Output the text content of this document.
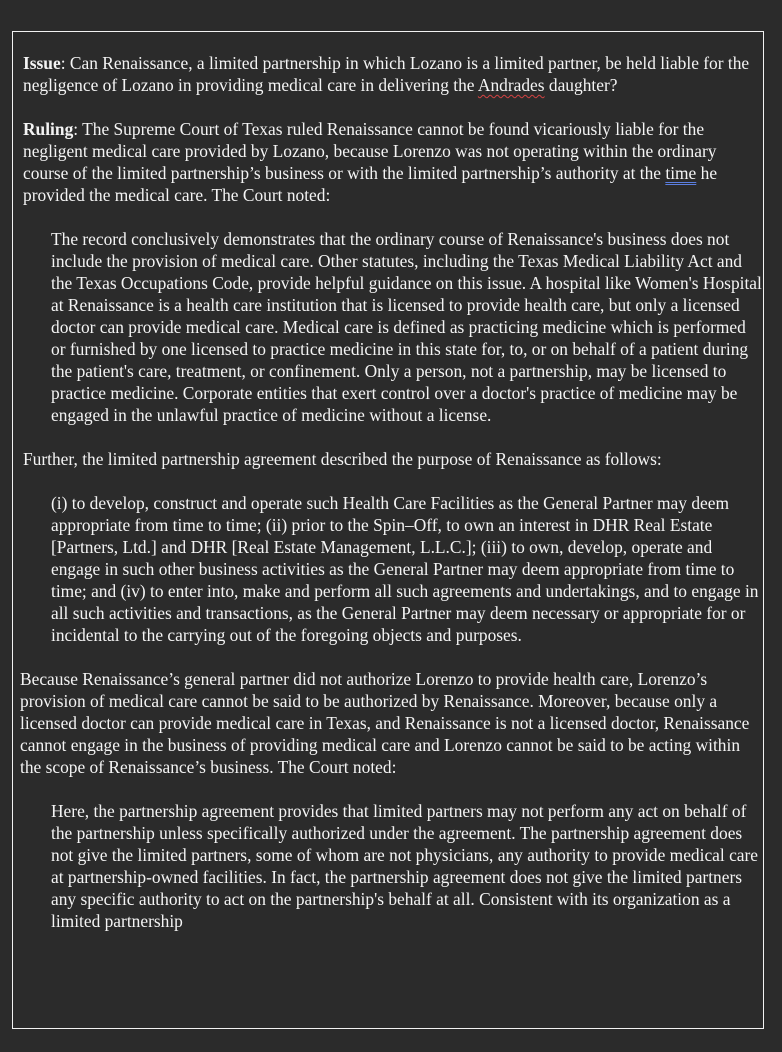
Issue: Can Renaissance, a limited partnership in which Lozano is a limited partner, be held liable for the negligence of Lozano in providing medical care in delivering the Andrades daughter?

Ruling: The Supreme Court of Texas ruled Renaissance cannot be found vicariously liable for the negligent medical care provided by Lozano, because Lorenzo was not operating within the ordinary course of the limited partnership’s business or with the limited partnership’s authority at the time he provided the medical care. The Court noted:

The record conclusively demonstrates that the ordinary course of Renaissance's business does not include the provision of medical care. Other statutes, including the Texas Medical Liability Act and the Texas Occupations Code, provide helpful guidance on this issue. A hospital like Women's Hospital at Renaissance is a health care institution that is licensed to provide health care, but only a licensed doctor can provide medical care. Medical care is defined as practicing medicine which is performed or furnished by one licensed to practice medicine in this state for, to, or on behalf of a patient during the patient's care, treatment, or confinement. Only a person, not a partnership, may be licensed to practice medicine. Corporate entities that exert control over a doctor's practice of medicine may be engaged in the unlawful practice of medicine without a license.

Further, the limited partnership agreement described the purpose of Renaissance as follows:

(i) to develop, construct and operate such Health Care Facilities as the General Partner may deem appropriate from time to time; (ii) prior to the Spin–Off, to own an interest in DHR Real Estate [Partners, Ltd.] and DHR [Real Estate Management, L.L.C.]; (iii) to own, develop, operate and engage in such other business activities as the General Partner may deem appropriate from time to time; and (iv) to enter into, make and perform all such agreements and undertakings, and to engage in all such activities and transactions, as the General Partner may deem necessary or appropriate for or incidental to the carrying out of the foregoing objects and purposes.

Because Renaissance’s general partner did not authorize Lorenzo to provide health care, Lorenzo’s provision of medical care cannot be said to be authorized by Renaissance. Moreover, because only a licensed doctor can provide medical care in Texas, and Renaissance is not a licensed doctor, Renaissance cannot engage in the business of providing medical care and Lorenzo cannot be said to be acting within the scope of Renaissance’s business. The Court noted:

Here, the partnership agreement provides that limited partners may not perform any act on behalf of the partnership unless specifically authorized under the agreement. The partnership agreement does not give the limited partners, some of whom are not physicians, any authority to provide medical care at partnership-owned facilities. In fact, the partnership agreement does not give the limited partners any specific authority to act on the partnership's behalf at all. Consistent with its organization as a limited partnership
